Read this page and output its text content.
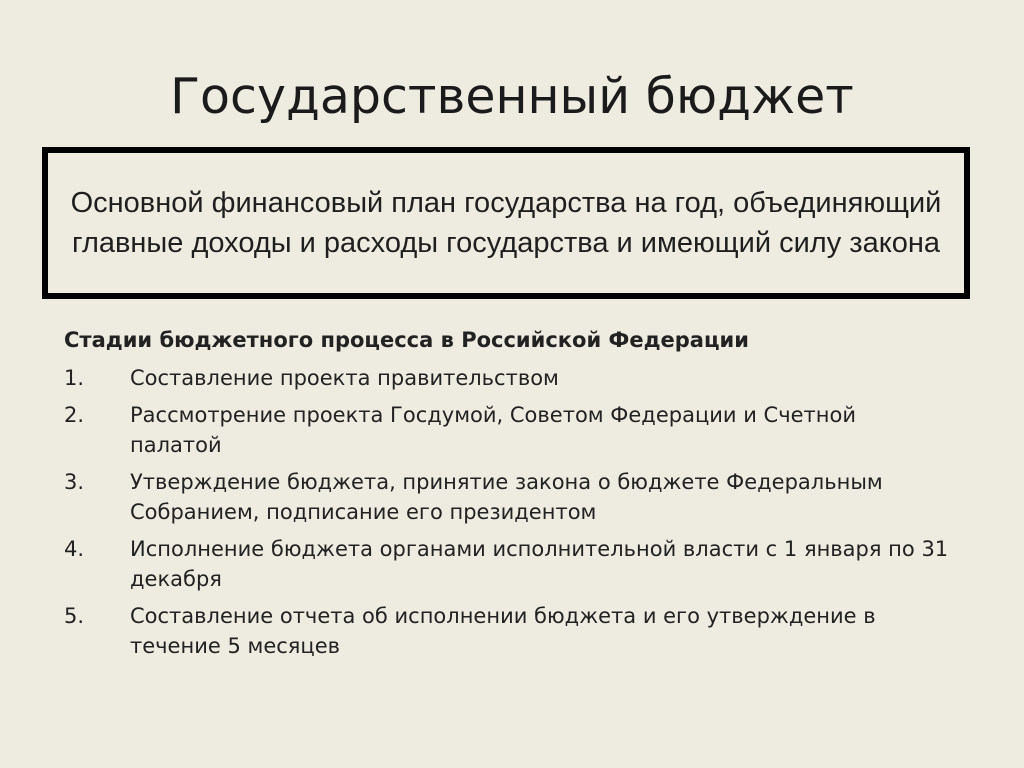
Государственный бюджет
Основной финансовый план государства на год, объединяющий главные доходы и расходы государства и имеющий силу закона
Стадии бюджетного процесса в Российской Федерации
1.	Составление проекта правительством
2.	Рассмотрение проекта Госдумой, Советом Федерации и Счетной палатой
3.	Утверждение бюджета, принятие закона о бюджете Федеральным Собранием, подписание его президентом
4.	Исполнение бюджета органами исполнительной власти с 1 января по 31 декабря
5.	Составление отчета об исполнении бюджета и его утверждение в течение 5 месяцев
